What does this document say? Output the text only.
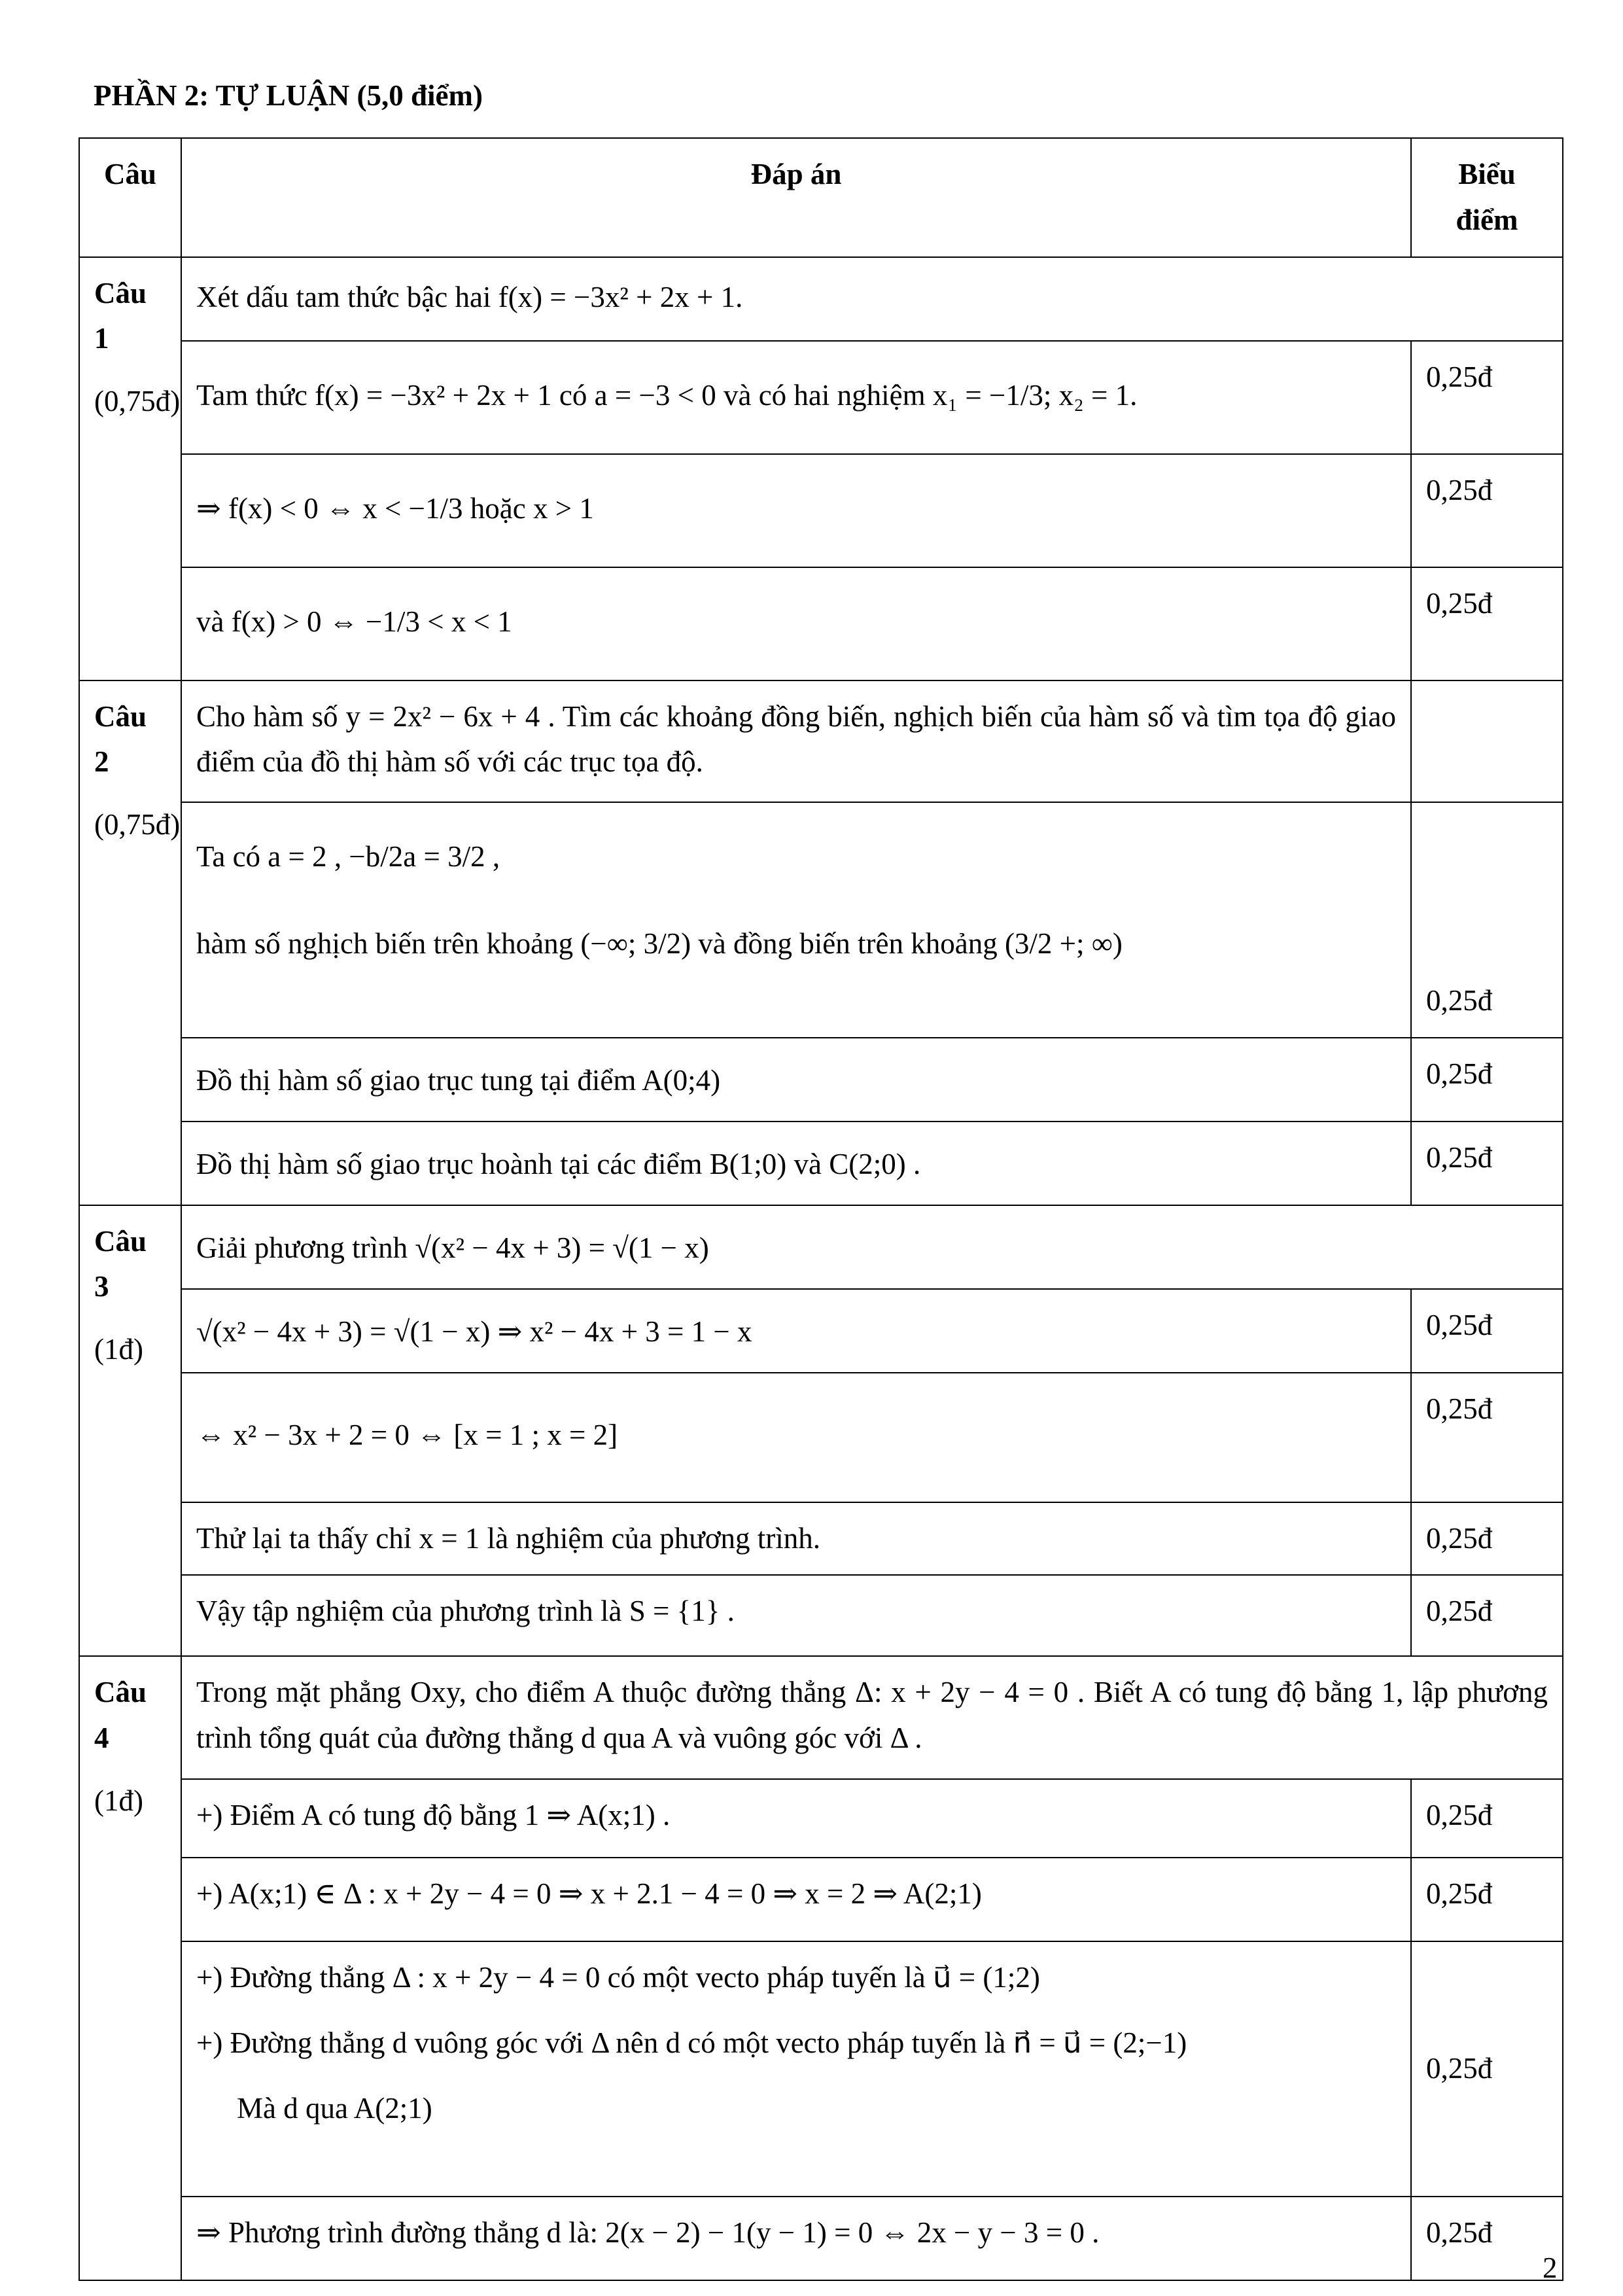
PHẦN 2: TỰ LUẬN (5,0 điểm)
Câu	Đáp án	Biểu điểm

Câu 1
(0,75đ)	Xét dấu tam thức bậc hai f(x) = −3x² + 2x + 1.	

	Tam thức f(x) = −3x² + 2x + 1 có a = −3 < 0 và có hai nghiệm x₁ = −1/3; x₂ = 1.	0,25đ

	⇒ f(x) < 0 ⇔ x < −1/3 hoặc x > 1	0,25đ

	và f(x) > 0 ⇔ −1/3 < x < 1	0,25đ

Câu 2
(0,75đ)	Cho hàm số y = 2x² − 6x + 4 . Tìm các khoảng đồng biến, nghịch biến của hàm số và tìm tọa độ giao điểm của đồ thị hàm số với các trục tọa độ.	

	Ta có a = 2 , −b/2a = 3/2 ,
hàm số nghịch biến trên khoảng (−∞; 3/2) và đồng biến trên khoảng (3/2 +; ∞)	0,25đ

	Đồ thị hàm số giao trục tung tại điểm A(0;4)	0,25đ

	Đồ thị hàm số giao trục hoành tại các điểm B(1;0) và C(2;0) .	0,25đ

Câu 3
(1đ)	Giải phương trình √(x² − 4x + 3) = √(1 − x)	

	√(x² − 4x + 3) = √(1 − x) ⇒ x² − 4x + 3 = 1 − x	0,25đ

	⇔ x² − 3x + 2 = 0 ⇔ [x = 1 ; x = 2]	0,25đ

	Thử lại ta thấy chỉ x = 1 là nghiệm của phương trình.	0,25đ

	Vậy tập nghiệm của phương trình là S = {1} .	0,25đ

Câu 4
(1đ)	Trong mặt phẳng Oxy, cho điểm A thuộc đường thẳng Δ: x + 2y − 4 = 0 . Biết A có tung độ bằng 1, lập phương trình tổng quát của đường thẳng d qua A và vuông góc với Δ .	

	+) Điểm A có tung độ bằng 1 ⇒ A(x;1) .	0,25đ

	+) A(x;1) ∈ Δ : x + 2y − 4 = 0 ⇒ x + 2.1 − 4 = 0 ⇒ x = 2 ⇒ A(2;1)	0,25đ

	+) Đường thẳng Δ : x + 2y − 4 = 0 có một vecto pháp tuyến là u⃗ = (1;2)
+) Đường thẳng d vuông góc với Δ nên d có một vecto pháp tuyến là n⃗ = u⃗ = (2;−1)
Mà d qua A(2;1)	0,25đ

	⇒ Phương trình đường thẳng d là: 2(x − 2) − 1(y − 1) = 0 ⇔ 2x − y − 3 = 0 .	0,25đ
2
